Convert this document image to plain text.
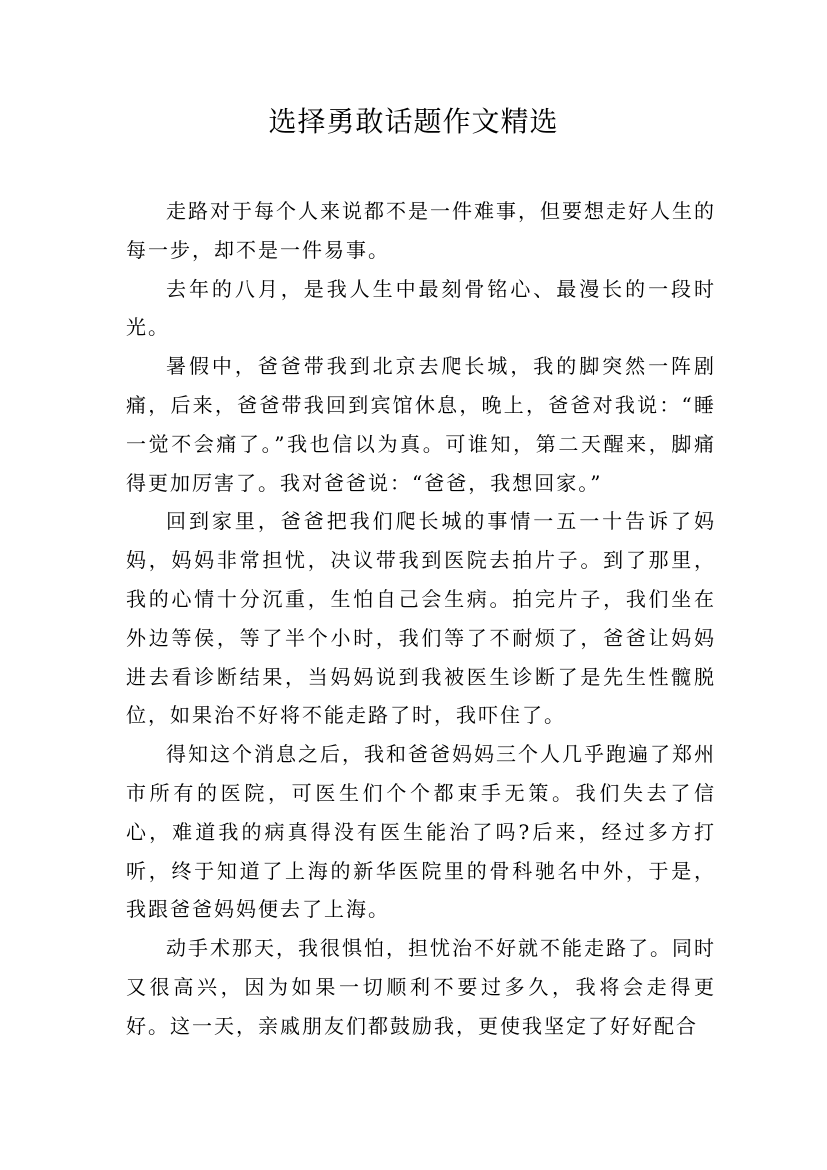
选择勇敢话题作文精选

走路对于每个人来说都不是一件难事，但要想走好人生的每一步，却不是一件易事。

去年的八月，是我人生中最刻骨铭心、最漫长的一段时光。

暑假中，爸爸带我到北京去爬长城，我的脚突然一阵剧痛，后来，爸爸带我回到宾馆休息，晚上，爸爸对我说：“睡一觉不会痛了。”我也信以为真。可谁知，第二天醒来，脚痛得更加厉害了。我对爸爸说：“爸爸，我想回家。”

回到家里，爸爸把我们爬长城的事情一五一十告诉了妈妈，妈妈非常担忧，决议带我到医院去拍片子。到了那里，我的心情十分沉重，生怕自己会生病。拍完片子，我们坐在外边等侯，等了半个小时，我们等了不耐烦了，爸爸让妈妈进去看诊断结果，当妈妈说到我被医生诊断了是先生性髋脱位，如果治不好将不能走路了时，我吓住了。

得知这个消息之后，我和爸爸妈妈三个人几乎跑遍了郑州市所有的医院，可医生们个个都束手无策。我们失去了信心，难道我的病真得没有医生能治了吗?后来，经过多方打听，终于知道了上海的新华医院里的骨科驰名中外，于是，我跟爸爸妈妈便去了上海。

动手术那天，我很惧怕，担忧治不好就不能走路了。同时又很高兴，因为如果一切顺利不要过多久，我将会走得更好。这一天，亲戚朋友们都鼓励我，更使我坚定了好好配合
